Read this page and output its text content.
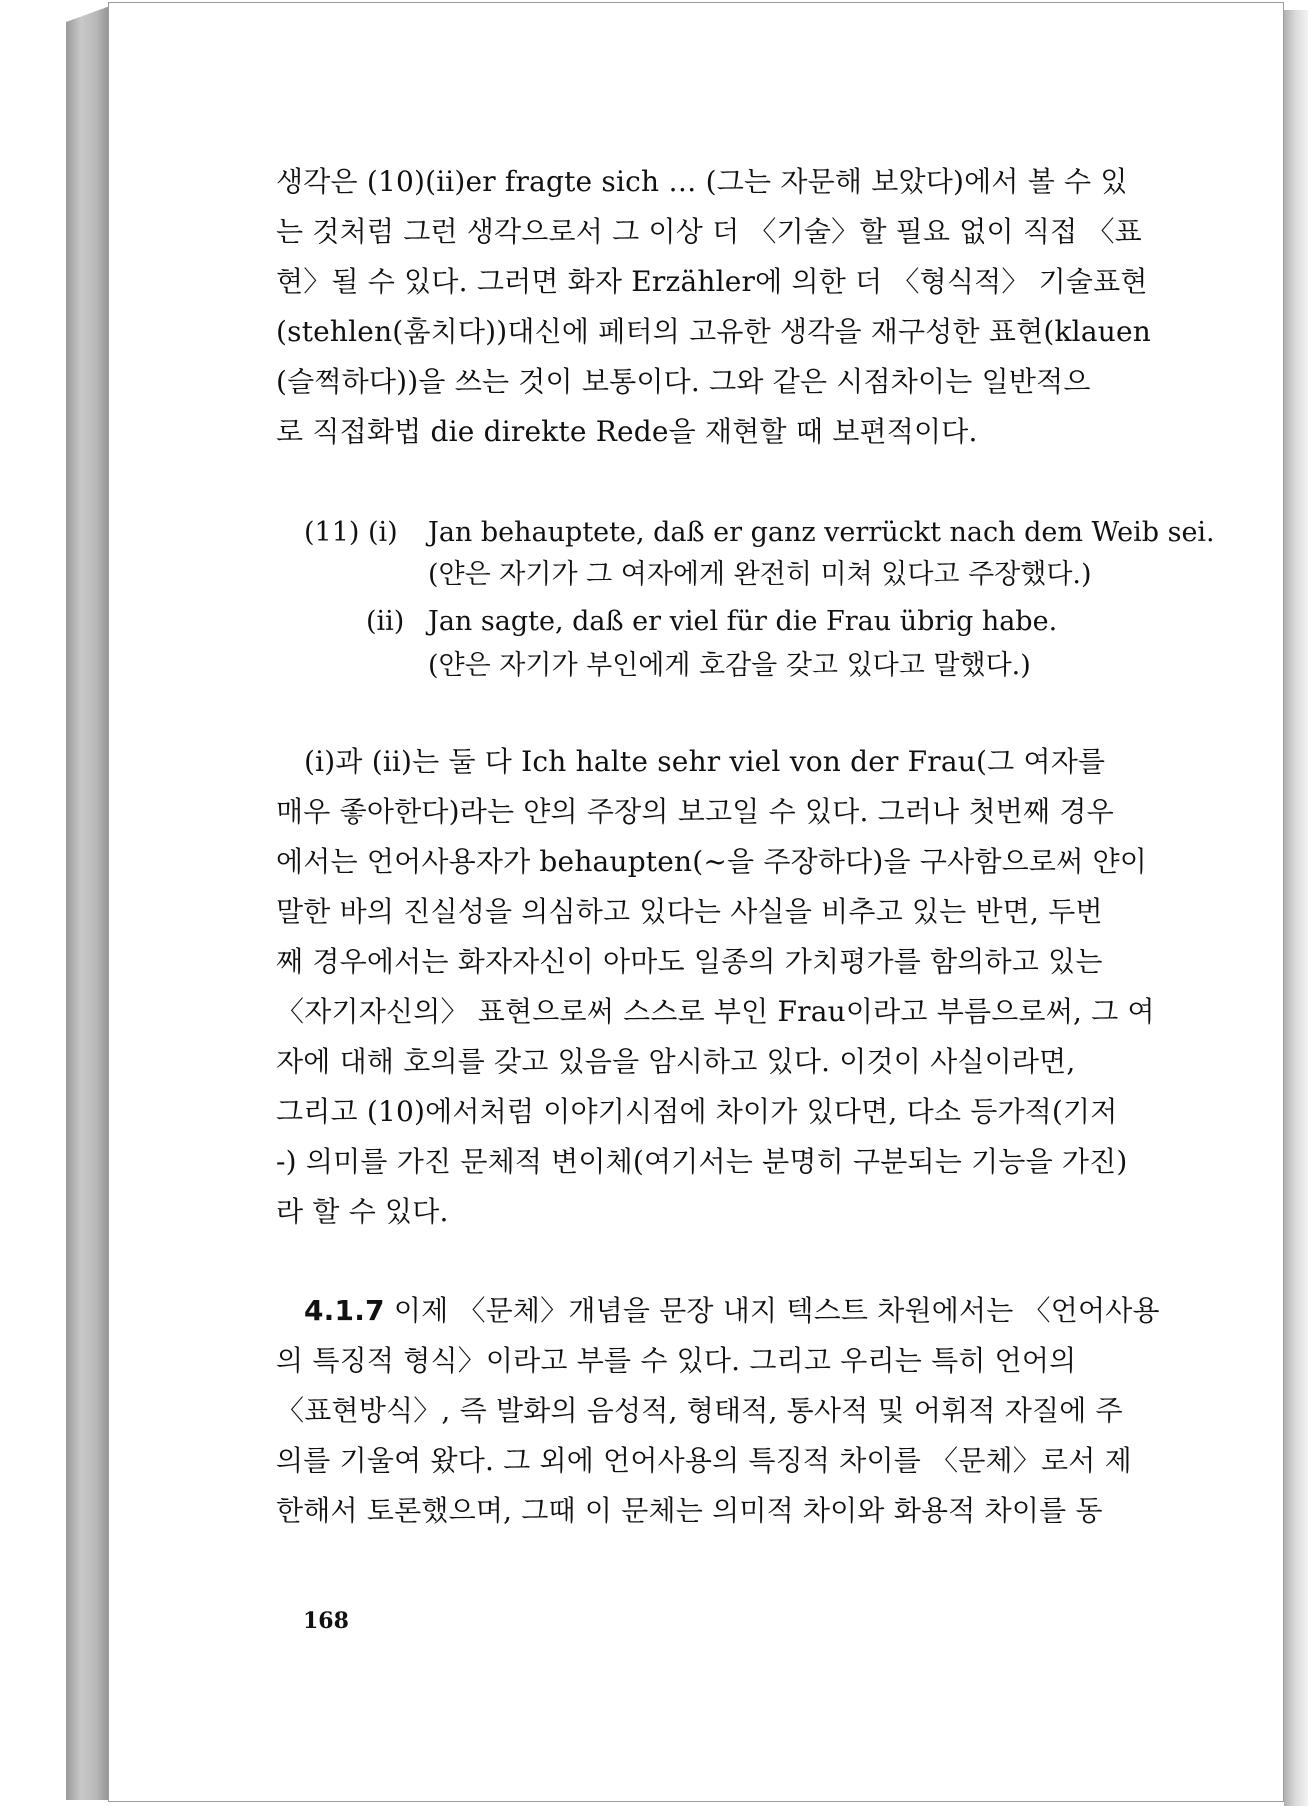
생각은 (10)(ⅱ)er fragte sich … (그는 자문해 보았다)에서 볼 수 있
는 것처럼 그런 생각으로서 그 이상 더 〈기술〉할 필요 없이 직접 〈표
현〉될 수 있다. 그러면 화자 Erzähler에 의한 더 〈형식적〉 기술표현
(stehlen(훔치다))대신에 페터의 고유한 생각을 재구성한 표현(klauen
(슬쩍하다))을 쓰는 것이 보통이다. 그와 같은 시점차이는 일반적으
로 직접화법 die direkte Rede을 재현할 때 보편적이다.
(11) (ⅰ) Jan behauptete, daß er ganz verrückt nach dem Weib sei.
(얀은 자기가 그 여자에게 완전히 미쳐 있다고 주장했다.)
(ⅱ) Jan sagte, daß er viel für die Frau übrig habe.
(얀은 자기가 부인에게 호감을 갖고 있다고 말했다.)
(ⅰ)과 (ⅱ)는 둘 다 Ich halte sehr viel von der Frau(그 여자를
매우 좋아한다)라는 얀의 주장의 보고일 수 있다. 그러나 첫번째 경우
에서는 언어사용자가 behaupten(~을 주장하다)을 구사함으로써 얀이
말한 바의 진실성을 의심하고 있다는 사실을 비추고 있는 반면, 두번
째 경우에서는 화자자신이 아마도 일종의 가치평가를 함의하고 있는
〈자기자신의〉 표현으로써 스스로 부인 Frau이라고 부름으로써, 그 여
자에 대해 호의를 갖고 있음을 암시하고 있다. 이것이 사실이라면,
그리고 (10)에서처럼 이야기시점에 차이가 있다면, 다소 등가적(기저
-) 의미를 가진 문체적 변이체(여기서는 분명히 구분되는 기능을 가진)
라 할 수 있다.
4.1.7 이제 〈문체〉개념을 문장 내지 텍스트 차원에서는 〈언어사용
의 특징적 형식〉이라고 부를 수 있다. 그리고 우리는 특히 언어의
〈표현방식〉, 즉 발화의 음성적, 형태적, 통사적 및 어휘적 자질에 주
의를 기울여 왔다. 그 외에 언어사용의 특징적 차이를 〈문체〉로서 제
한해서 토론했으며, 그때 이 문체는 의미적 차이와 화용적 차이를 동
168
